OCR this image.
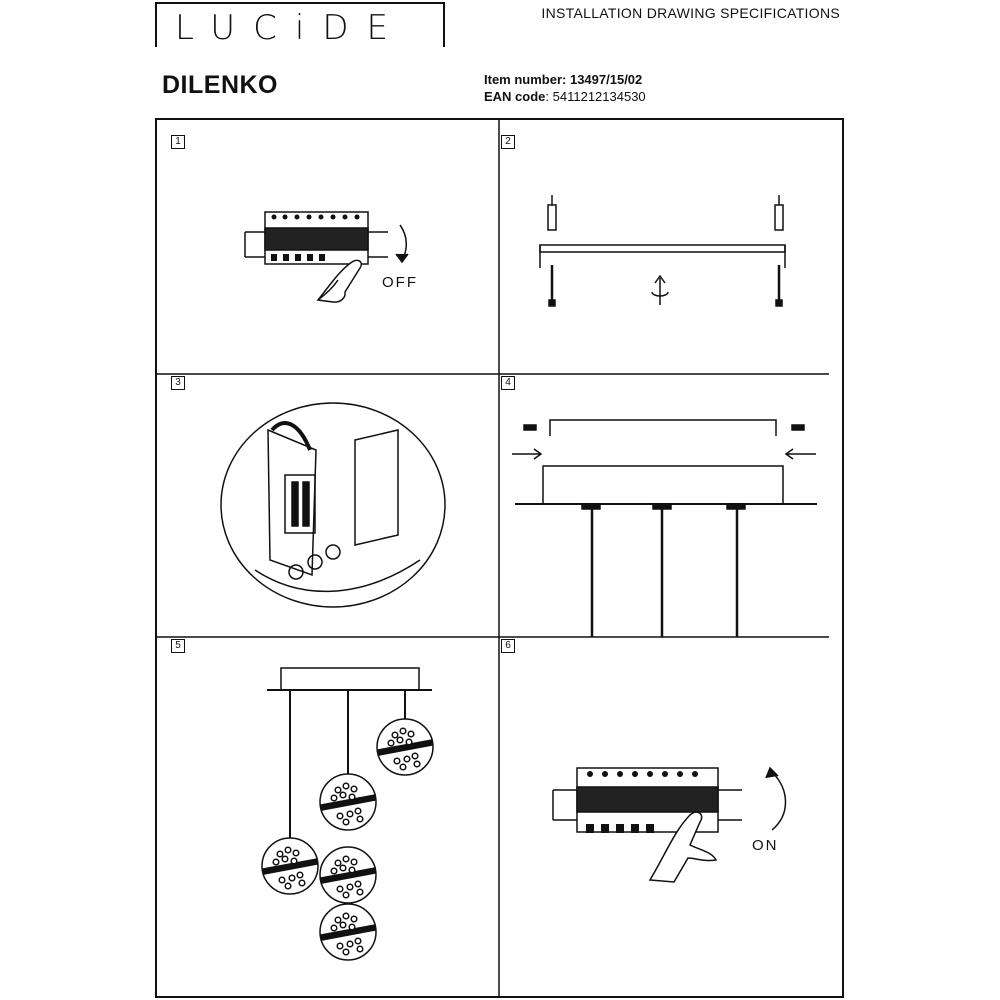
LUCiDE	INSTALLATION DRAWING SPECIFICATIONS
DILENKO	Item number: 13497/15/02
EAN code: 5411212134530
1	2
3	4
5	6
OFF
ON
